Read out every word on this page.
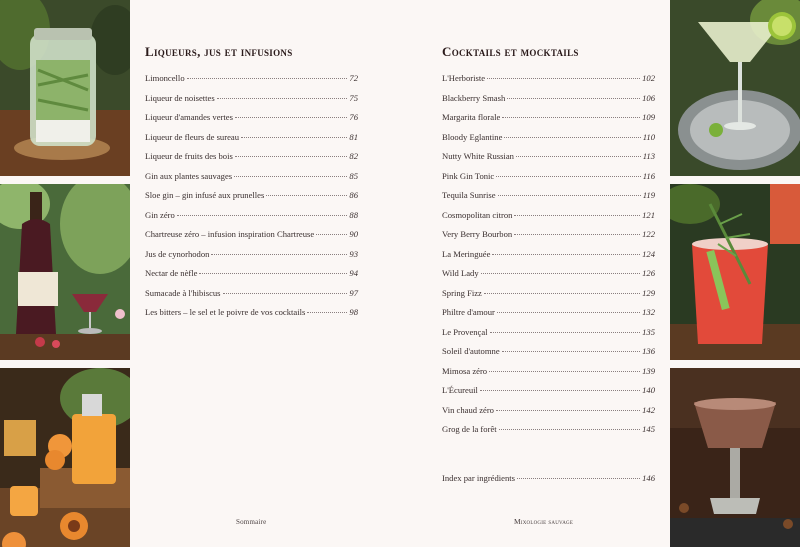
Liqueurs, jus et infusions
Limoncello	72
Liqueur de noisettes	75
Liqueur d'amandes vertes	76
Liqueur de fleurs de sureau	81
Liqueur de fruits des bois	82
Gin aux plantes sauvages	85
Sloe gin – gin infusé aux prunelles	86
Gin zéro	88
Chartreuse zéro – infusion inspiration Chartreuse	90
Jus de cynorhodon	93
Nectar de nèfle	94
Sumacade à l'hibiscus	97
Les bitters – le sel et le poivre de vos cocktails	98
Sommaire
Cocktails et mocktails
L'Herboriste	102
Blackberry Smash	106
Margarita florale	109
Bloody Eglantine	110
Nutty White Russian	113
Pink Gin Tonic	116
Tequila Sunrise	119
Cosmopolitan citron	121
Very Berry Bourbon	122
La Meringuée	124
Wild Lady	126
Spring Fizz	129
Philtre d'amour	132
Le Provençal	135
Soleil d'automne	136
Mimosa zéro	139
L'Écureuil	140
Vin chaud zéro	142
Grog de la forêt	145
Index par ingrédients	146
Mixologie sauvage
